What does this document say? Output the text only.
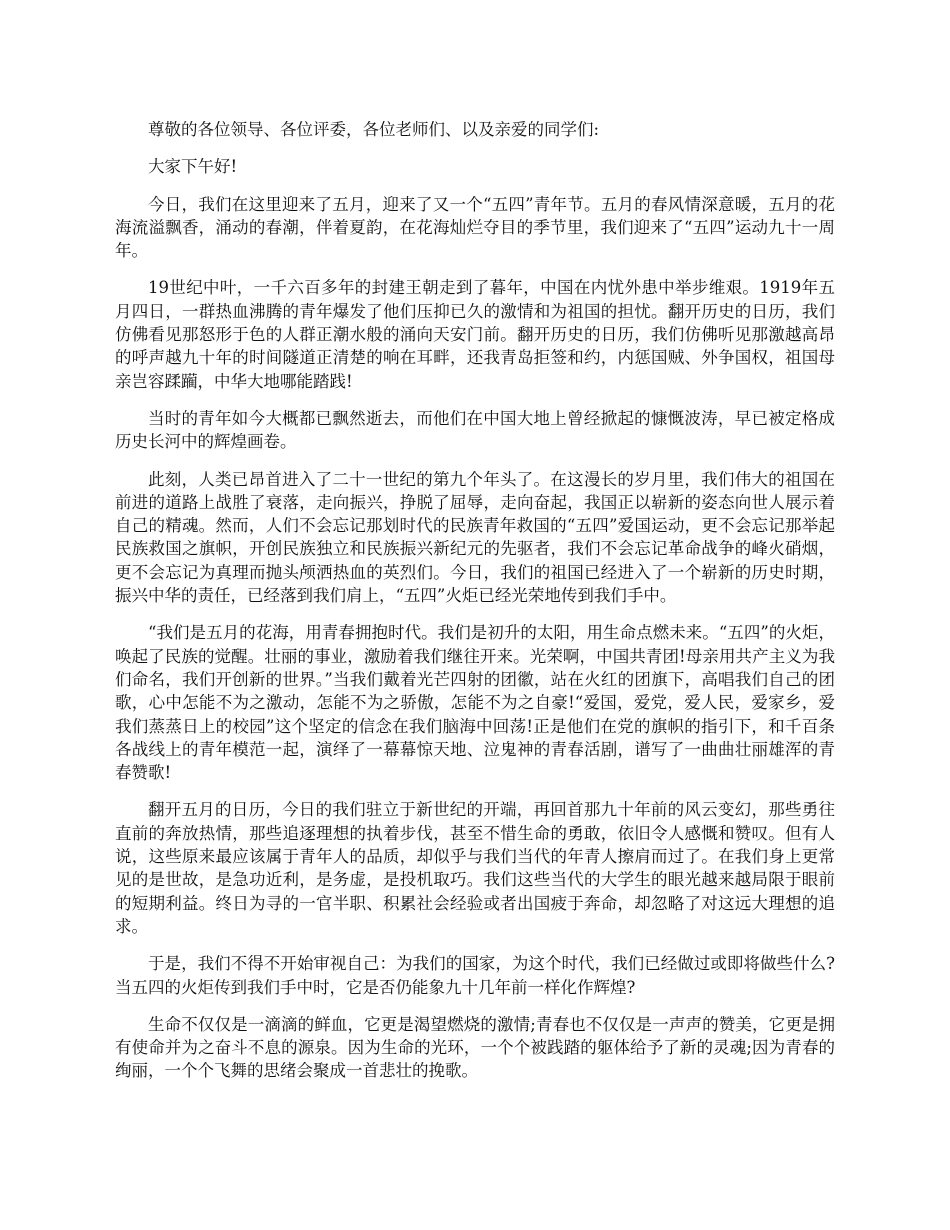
尊敬的各位领导、各位评委，各位老师们、以及亲爱的同学们:

大家下午好!

今日，我们在这里迎来了五月，迎来了又一个“五四”青年节。五月的春风情深意暖，五月的花海流溢飘香，涌动的春潮，伴着夏韵，在花海灿烂夺目的季节里，我们迎来了“五四”运动九十一周年。

19世纪中叶，一千六百多年的封建王朝走到了暮年，中国在内忧外患中举步维艰。1919年五月四日，一群热血沸腾的青年爆发了他们压抑已久的激情和为祖国的担忧。翻开历史的日历，我们仿佛看见那怒形于色的人群正潮水般的涌向天安门前。翻开历史的日历，我们仿佛听见那激越高昂的呼声越九十年的时间隧道正清楚的响在耳畔，还我青岛拒签和约，内惩国贼、外争国权，祖国母亲岂容蹂躏，中华大地哪能踏践!

当时的青年如今大概都已飘然逝去，而他们在中国大地上曾经掀起的慷慨波涛，早已被定格成历史长河中的辉煌画卷。

此刻，人类已昂首进入了二十一世纪的第九个年头了。在这漫长的岁月里，我们伟大的祖国在前进的道路上战胜了衰落，走向振兴，挣脱了屈辱，走向奋起，我国正以崭新的姿态向世人展示着自己的精魂。然而，人们不会忘记那划时代的民族青年救国的“五四”爱国运动，更不会忘记那举起民族救国之旗帜，开创民族独立和民族振兴新纪元的先驱者，我们不会忘记革命战争的峰火硝烟，更不会忘记为真理而抛头颅洒热血的英烈们。今日，我们的祖国已经进入了一个崭新的历史时期，振兴中华的责任，已经落到我们肩上，“五四”火炬已经光荣地传到我们手中。

“我们是五月的花海，用青春拥抱时代。我们是初升的太阳，用生命点燃未来。“五四”的火炬，唤起了民族的觉醒。壮丽的事业，激励着我们继往开来。光荣啊，中国共青团!母亲用共产主义为我们命名，我们开创新的世界。”当我们戴着光芒四射的团徽，站在火红的团旗下，高唱我们自己的团歌，心中怎能不为之激动，怎能不为之骄傲，怎能不为之自豪!“爱国，爱党，爱人民，爱家乡，爱我们蒸蒸日上的校园”这个坚定的信念在我们脑海中回荡!正是他们在党的旗帜的指引下，和千百条各战线上的青年模范一起，演绎了一幕幕惊天地、泣鬼神的青春活剧，谱写了一曲曲壮丽雄浑的青春赞歌!

翻开五月的日历，今日的我们驻立于新世纪的开端，再回首那九十年前的风云变幻，那些勇往直前的奔放热情，那些追逐理想的执着步伐，甚至不惜生命的勇敢，依旧令人感慨和赞叹。但有人说，这些原来最应该属于青年人的品质，却似乎与我们当代的年青人擦肩而过了。在我们身上更常见的是世故，是急功近利，是务虚，是投机取巧。我们这些当代的大学生的眼光越来越局限于眼前的短期利益。终日为寻的一官半职、积累社会经验或者出国疲于奔命，却忽略了对这远大理想的追求。

于是，我们不得不开始审视自己：为我们的国家，为这个时代，我们已经做过或即将做些什么?当五四的火炬传到我们手中时，它是否仍能象九十几年前一样化作辉煌?

生命不仅仅是一滴滴的鲜血，它更是渴望燃烧的激情;青春也不仅仅是一声声的赞美，它更是拥有使命并为之奋斗不息的源泉。因为生命的光环，一个个被践踏的躯体给予了新的灵魂;因为青春的绚丽，一个个飞舞的思绪会聚成一首悲壮的挽歌。
